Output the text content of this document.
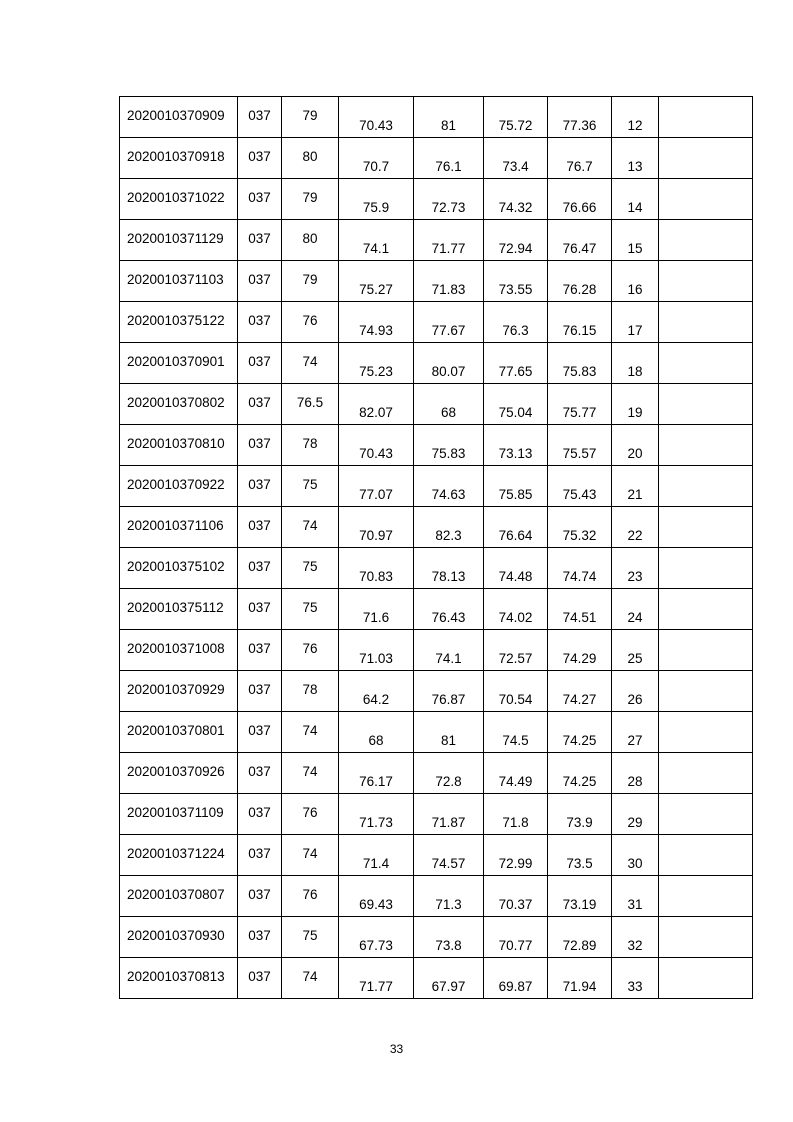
2020010370909	037	79	70.43	81	75.72	77.36	12	
2020010370918	037	80	70.7	76.1	73.4	76.7	13	
2020010371022	037	79	75.9	72.73	74.32	76.66	14	
2020010371129	037	80	74.1	71.77	72.94	76.47	15	
2020010371103	037	79	75.27	71.83	73.55	76.28	16	
2020010375122	037	76	74.93	77.67	76.3	76.15	17	
2020010370901	037	74	75.23	80.07	77.65	75.83	18	
2020010370802	037	76.5	82.07	68	75.04	75.77	19	
2020010370810	037	78	70.43	75.83	73.13	75.57	20	
2020010370922	037	75	77.07	74.63	75.85	75.43	21	
2020010371106	037	74	70.97	82.3	76.64	75.32	22	
2020010375102	037	75	70.83	78.13	74.48	74.74	23	
2020010375112	037	75	71.6	76.43	74.02	74.51	24	
2020010371008	037	76	71.03	74.1	72.57	74.29	25	
2020010370929	037	78	64.2	76.87	70.54	74.27	26	
2020010370801	037	74	68	81	74.5	74.25	27	
2020010370926	037	74	76.17	72.8	74.49	74.25	28	
2020010371109	037	76	71.73	71.87	71.8	73.9	29	
2020010371224	037	74	71.4	74.57	72.99	73.5	30	
2020010370807	037	76	69.43	71.3	70.37	73.19	31	
2020010370930	037	75	67.73	73.8	70.77	72.89	32	
2020010370813	037	74	71.77	67.97	69.87	71.94	33	
33
